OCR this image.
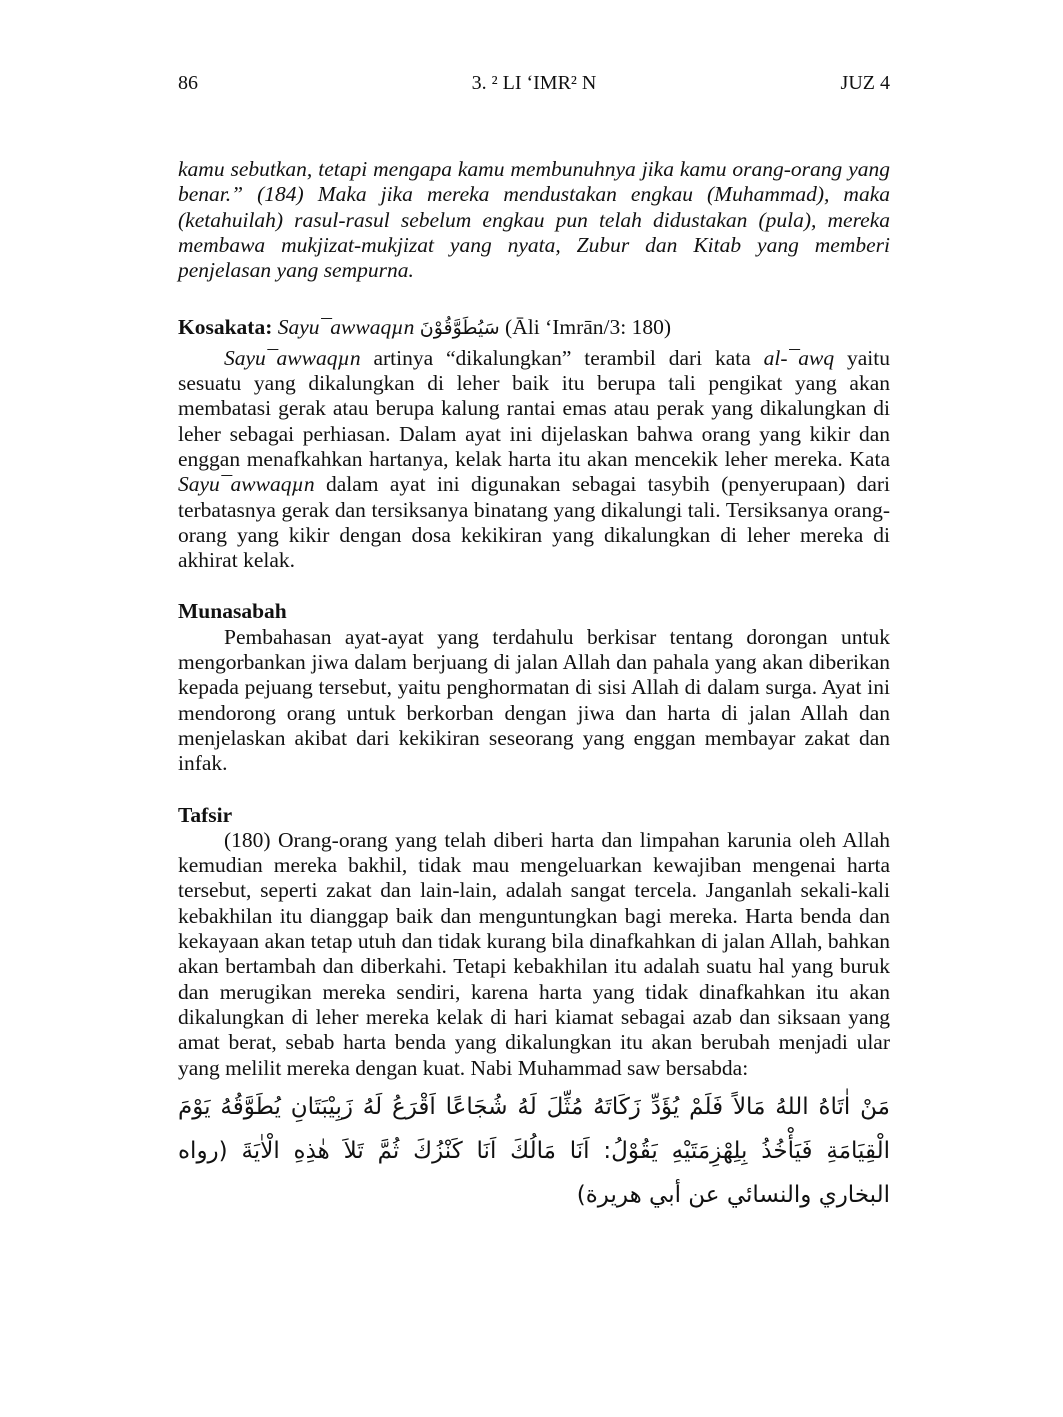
86	3. ² LI ‘IMR² N	JUZ 4

kamu sebutkan, tetapi mengapa kamu membunuhnya jika kamu orang-orang yang benar.” (184) Maka jika mereka mendustakan engkau (Muhammad), maka (ketahuilah) rasul-rasul sebelum engkau pun telah didustakan (pula), mereka membawa mukjizat-mukjizat yang nyata, Zubur dan Kitab yang memberi penjelasan yang sempurna.

Kosakata: Sayu¯awwaqµn سَيُطَوَّقُوْنَ (Āli ‘Imrān/3: 180)

Sayu¯awwaqµn artinya “dikalungkan” terambil dari kata al-¯awq yaitu sesuatu yang dikalungkan di leher baik itu berupa tali pengikat yang akan membatasi gerak atau berupa kalung rantai emas atau perak yang dikalungkan di leher sebagai perhiasan. Dalam ayat ini dijelaskan bahwa orang yang kikir dan enggan menafkahkan hartanya, kelak harta itu akan mencekik leher mereka. Kata Sayu¯awwaqµn dalam ayat ini digunakan sebagai tasybih (penyerupaan) dari terbatasnya gerak dan tersiksanya binatang yang dikalungi tali. Tersiksanya orang-orang yang kikir dengan dosa kekikiran yang dikalungkan di leher mereka di akhirat kelak.

Munasabah

Pembahasan ayat-ayat yang terdahulu berkisar tentang dorongan untuk mengorbankan jiwa dalam berjuang di jalan Allah dan pahala yang akan diberikan kepada pejuang tersebut, yaitu penghormatan di sisi Allah di dalam surga. Ayat ini mendorong orang untuk berkorban dengan jiwa dan harta di jalan Allah dan menjelaskan akibat dari kekikiran seseorang yang enggan membayar zakat dan infak.

Tafsir

(180) Orang-orang yang telah diberi harta dan limpahan karunia oleh Allah kemudian mereka bakhil, tidak mau mengeluarkan kewajiban mengenai harta tersebut, seperti zakat dan lain-lain, adalah sangat tercela. Janganlah sekali-kali kebakhilan itu dianggap baik dan menguntungkan bagi mereka. Harta benda dan kekayaan akan tetap utuh dan tidak kurang bila dinafkahkan di jalan Allah, bahkan akan bertambah dan diberkahi. Tetapi kebakhilan itu adalah suatu hal yang buruk dan merugikan mereka sendiri, karena harta yang tidak dinafkahkan itu akan dikalungkan di leher mereka kelak di hari kiamat sebagai azab dan siksaan yang amat berat, sebab harta benda yang dikalungkan itu akan berubah menjadi ular yang melilit mereka dengan kuat. Nabi Muhammad saw bersabda:

مَنْ اٰتَاهُ اللهُ مَالاً فَلَمْ يُؤَدِّ زَكَاتَهُ مُثِّلَ لَهُ شُجَاعًا اَقْرَعُ لَهُ زَبِيْبَتَانِ يُطَوَّقُهُ يَوْمَ الْقِيَامَةِ فَيَأْخُذُ بِلِهْزِمَتَيْهِ يَقُوْلُ: اَنَا مَالُكَ اَنَا كَنْزُكَ ثُمَّ تَلاَ هٰذِهِ الْاٰيَةَ (رواه البخاري والنسائي عن أبي هريرة)
